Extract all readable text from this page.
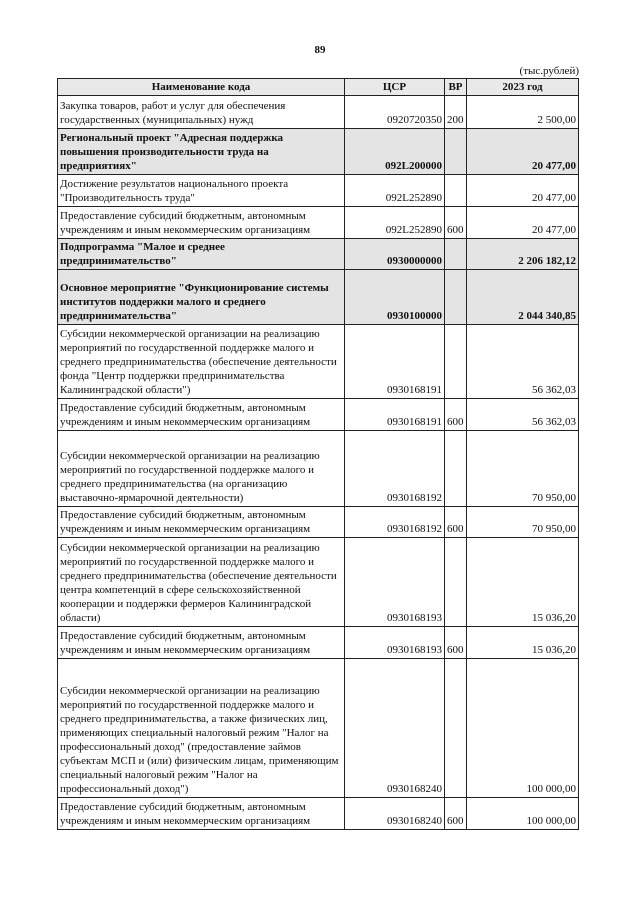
89
(тыс.рублей)
Наименование кода	ЦСР	ВР	2023 год
Закупка товаров, работ и услуг для обеспечения государственных (муниципальных) нужд	0920720350	200	2 500,00
Региональный проект "Адресная поддержка повышения производительности труда на предприятиях"	092L200000		20 477,00
Достижение результатов национального проекта "Производительность труда"	092L252890		20 477,00
Предоставление субсидий бюджетным, автономным учреждениям и иным некоммерческим организациям	092L252890	600	20 477,00
Подпрограмма "Малое и среднее предпринимательство"	0930000000		2 206 182,12
Основное мероприятие "Функционирование системы институтов поддержки малого и среднего предпринимательства"	0930100000		2 044 340,85
Субсидии некоммерческой организации на реализацию мероприятий по государственной поддержке малого и среднего предпринимательства (обеспечение деятельности фонда "Центр поддержки предпринимательства Калининградской области")	0930168191		56 362,03
Предоставление субсидий бюджетным, автономным учреждениям и иным некоммерческим организациям	0930168191	600	56 362,03
Субсидии некоммерческой организации на реализацию мероприятий по государственной поддержке малого и среднего предпринимательства (на организацию выставочно-ярмарочной деятельности)	0930168192		70 950,00
Предоставление субсидий бюджетным, автономным учреждениям и иным некоммерческим организациям	0930168192	600	70 950,00
Субсидии некоммерческой организации на реализацию мероприятий по государственной поддержке малого и среднего предпринимательства (обеспечение деятельности центра компетенций в сфере сельскохозяйственной кооперации и поддержки фермеров Калининградской области)	0930168193		15 036,20
Предоставление субсидий бюджетным, автономным учреждениям и иным некоммерческим организациям	0930168193	600	15 036,20
Субсидии некоммерческой организации на реализацию мероприятий по государственной поддержке малого и среднего предпринимательства, а также физических лиц, применяющих специальный налоговый режим "Налог на профессиональный доход" (предоставление займов субъектам МСП и (или) физическим лицам, применяющим специальный налоговый режим "Налог на профессиональный доход")	0930168240		100 000,00
Предоставление субсидий бюджетным, автономным учреждениям и иным некоммерческим организациям	0930168240	600	100 000,00
